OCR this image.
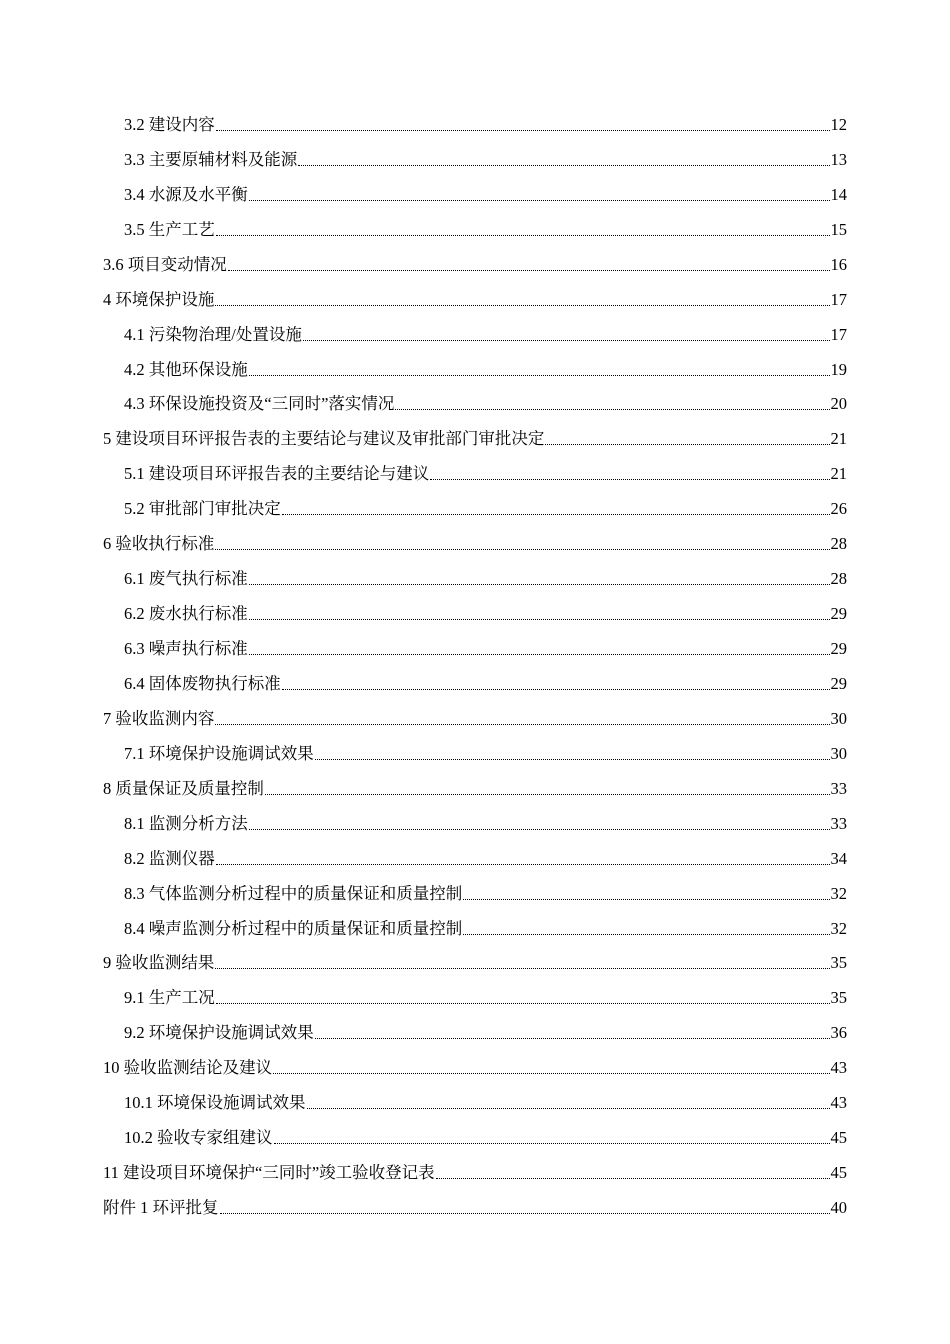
3.2 建设内容	12
3.3 主要原辅材料及能源	13
3.4 水源及水平衡	14
3.5 生产工艺	15
3.6 项目变动情况	16
4 环境保护设施	17
4.1 污染物治理/处置设施	17
4.2 其他环保设施	19
4.3 环保设施投资及“三同时”落实情况	20
5 建设项目环评报告表的主要结论与建议及审批部门审批决定	21
5.1 建设项目环评报告表的主要结论与建议	21
5.2 审批部门审批决定	26
6 验收执行标准	28
6.1 废气执行标准	28
6.2 废水执行标准	29
6.3 噪声执行标准	29
6.4 固体废物执行标准	29
7 验收监测内容	30
7.1 环境保护设施调试效果	30
8 质量保证及质量控制	33
8.1 监测分析方法	33
8.2 监测仪器	34
8.3 气体监测分析过程中的质量保证和质量控制	32
8.4 噪声监测分析过程中的质量保证和质量控制	32
9 验收监测结果	35
9.1 生产工况	35
9.2 环境保护设施调试效果	36
10 验收监测结论及建议	43
10.1 环境保设施调试效果	43
10.2 验收专家组建议	45
11 建设项目环境保护“三同时”竣工验收登记表	45
附件 1 环评批复	40
